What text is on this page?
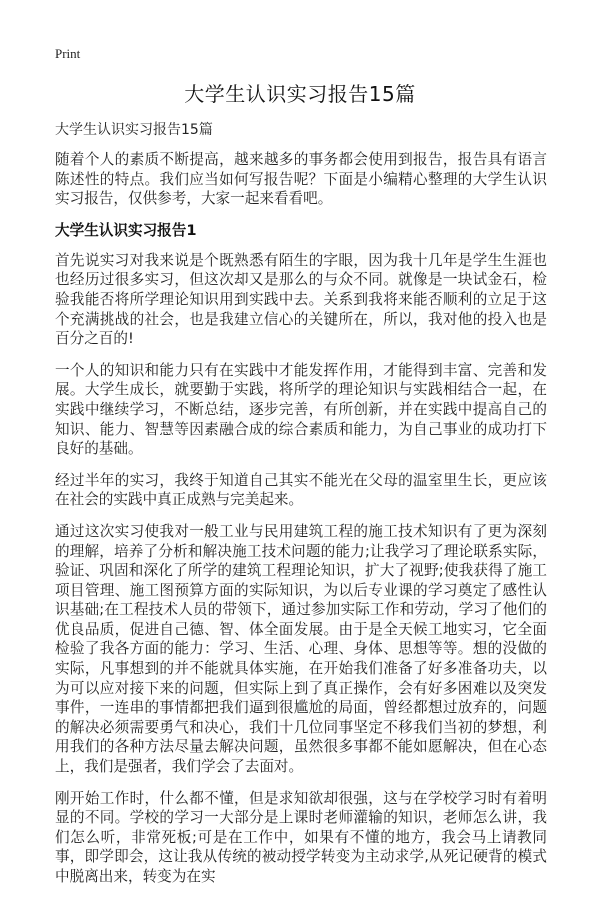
Print
大学生认识实习报告15篇
大学生认识实习报告15篇

随着个人的素质不断提高，越来越多的事务都会使用到报告，报告具有语言陈述性的特点。我们应当如何写报告呢？下面是小编精心整理的大学生认识实习报告，仅供参考，大家一起来看看吧。

大学生认识实习报告1

首先说实习对我来说是个既熟悉有陌生的字眼，因为我十几年是学生生涯也也经历过很多实习，但这次却又是那么的与众不同。就像是一块试金石，检验我能否将所学理论知识用到实践中去。关系到我将来能否顺利的立足于这个充满挑战的社会，也是我建立信心的关键所在，所以，我对他的投入也是百分之百的!

一个人的知识和能力只有在实践中才能发挥作用，才能得到丰富、完善和发展。大学生成长，就要勤于实践，将所学的理论知识与实践相结合一起，在实践中继续学习，不断总结，逐步完善，有所创新，并在实践中提高自己的知识、能力、智慧等因素融合成的综合素质和能力，为自己事业的成功打下良好的基础。

经过半年的实习，我终于知道自己其实不能光在父母的温室里生长，更应该在社会的实践中真正成熟与完美起来。

通过这次实习使我对一般工业与民用建筑工程的施工技术知识有了更为深刻的理解，培养了分析和解决施工技术问题的能力;让我学习了理论联系实际，验证、巩固和深化了所学的建筑工程理论知识，扩大了视野;使我获得了施工项目管理、施工图预算方面的实际知识，为以后专业课的学习奠定了感性认识基础;在工程技术人员的带领下，通过参加实际工作和劳动，学习了他们的优良品质，促进自己德、智、体全面发展。由于是全天候工地实习，它全面检验了我各方面的能力：学习、生活、心理、身体、思想等等。想的没做的实际，凡事想到的并不能就具体实施，在开始我们准备了好多准备功夫，以为可以应对接下来的问题，但实际上到了真正操作，会有好多困难以及突发事件，一连串的事情都把我们逼到很尴尬的局面，曾经都想过放弃的，问题的解决必须需要勇气和决心，我们十几位同事坚定不移我们当初的梦想，利用我们的各种方法尽量去解决问题，虽然很多事都不能如愿解决，但在心态上，我们是强者，我们学会了去面对。

刚开始工作时，什么都不懂，但是求知欲却很强，这与在学校学习时有着明显的不同。学校的学习一大部分是上课时老师灌输的知识，老师怎么讲，我们怎么听，非常死板;可是在工作中，如果有不懂的地方，我会马上请教同事，即学即会，这让我从传统的被动授学转变为主动求学,从死记硬背的模式中脱离出来，转变为在实
